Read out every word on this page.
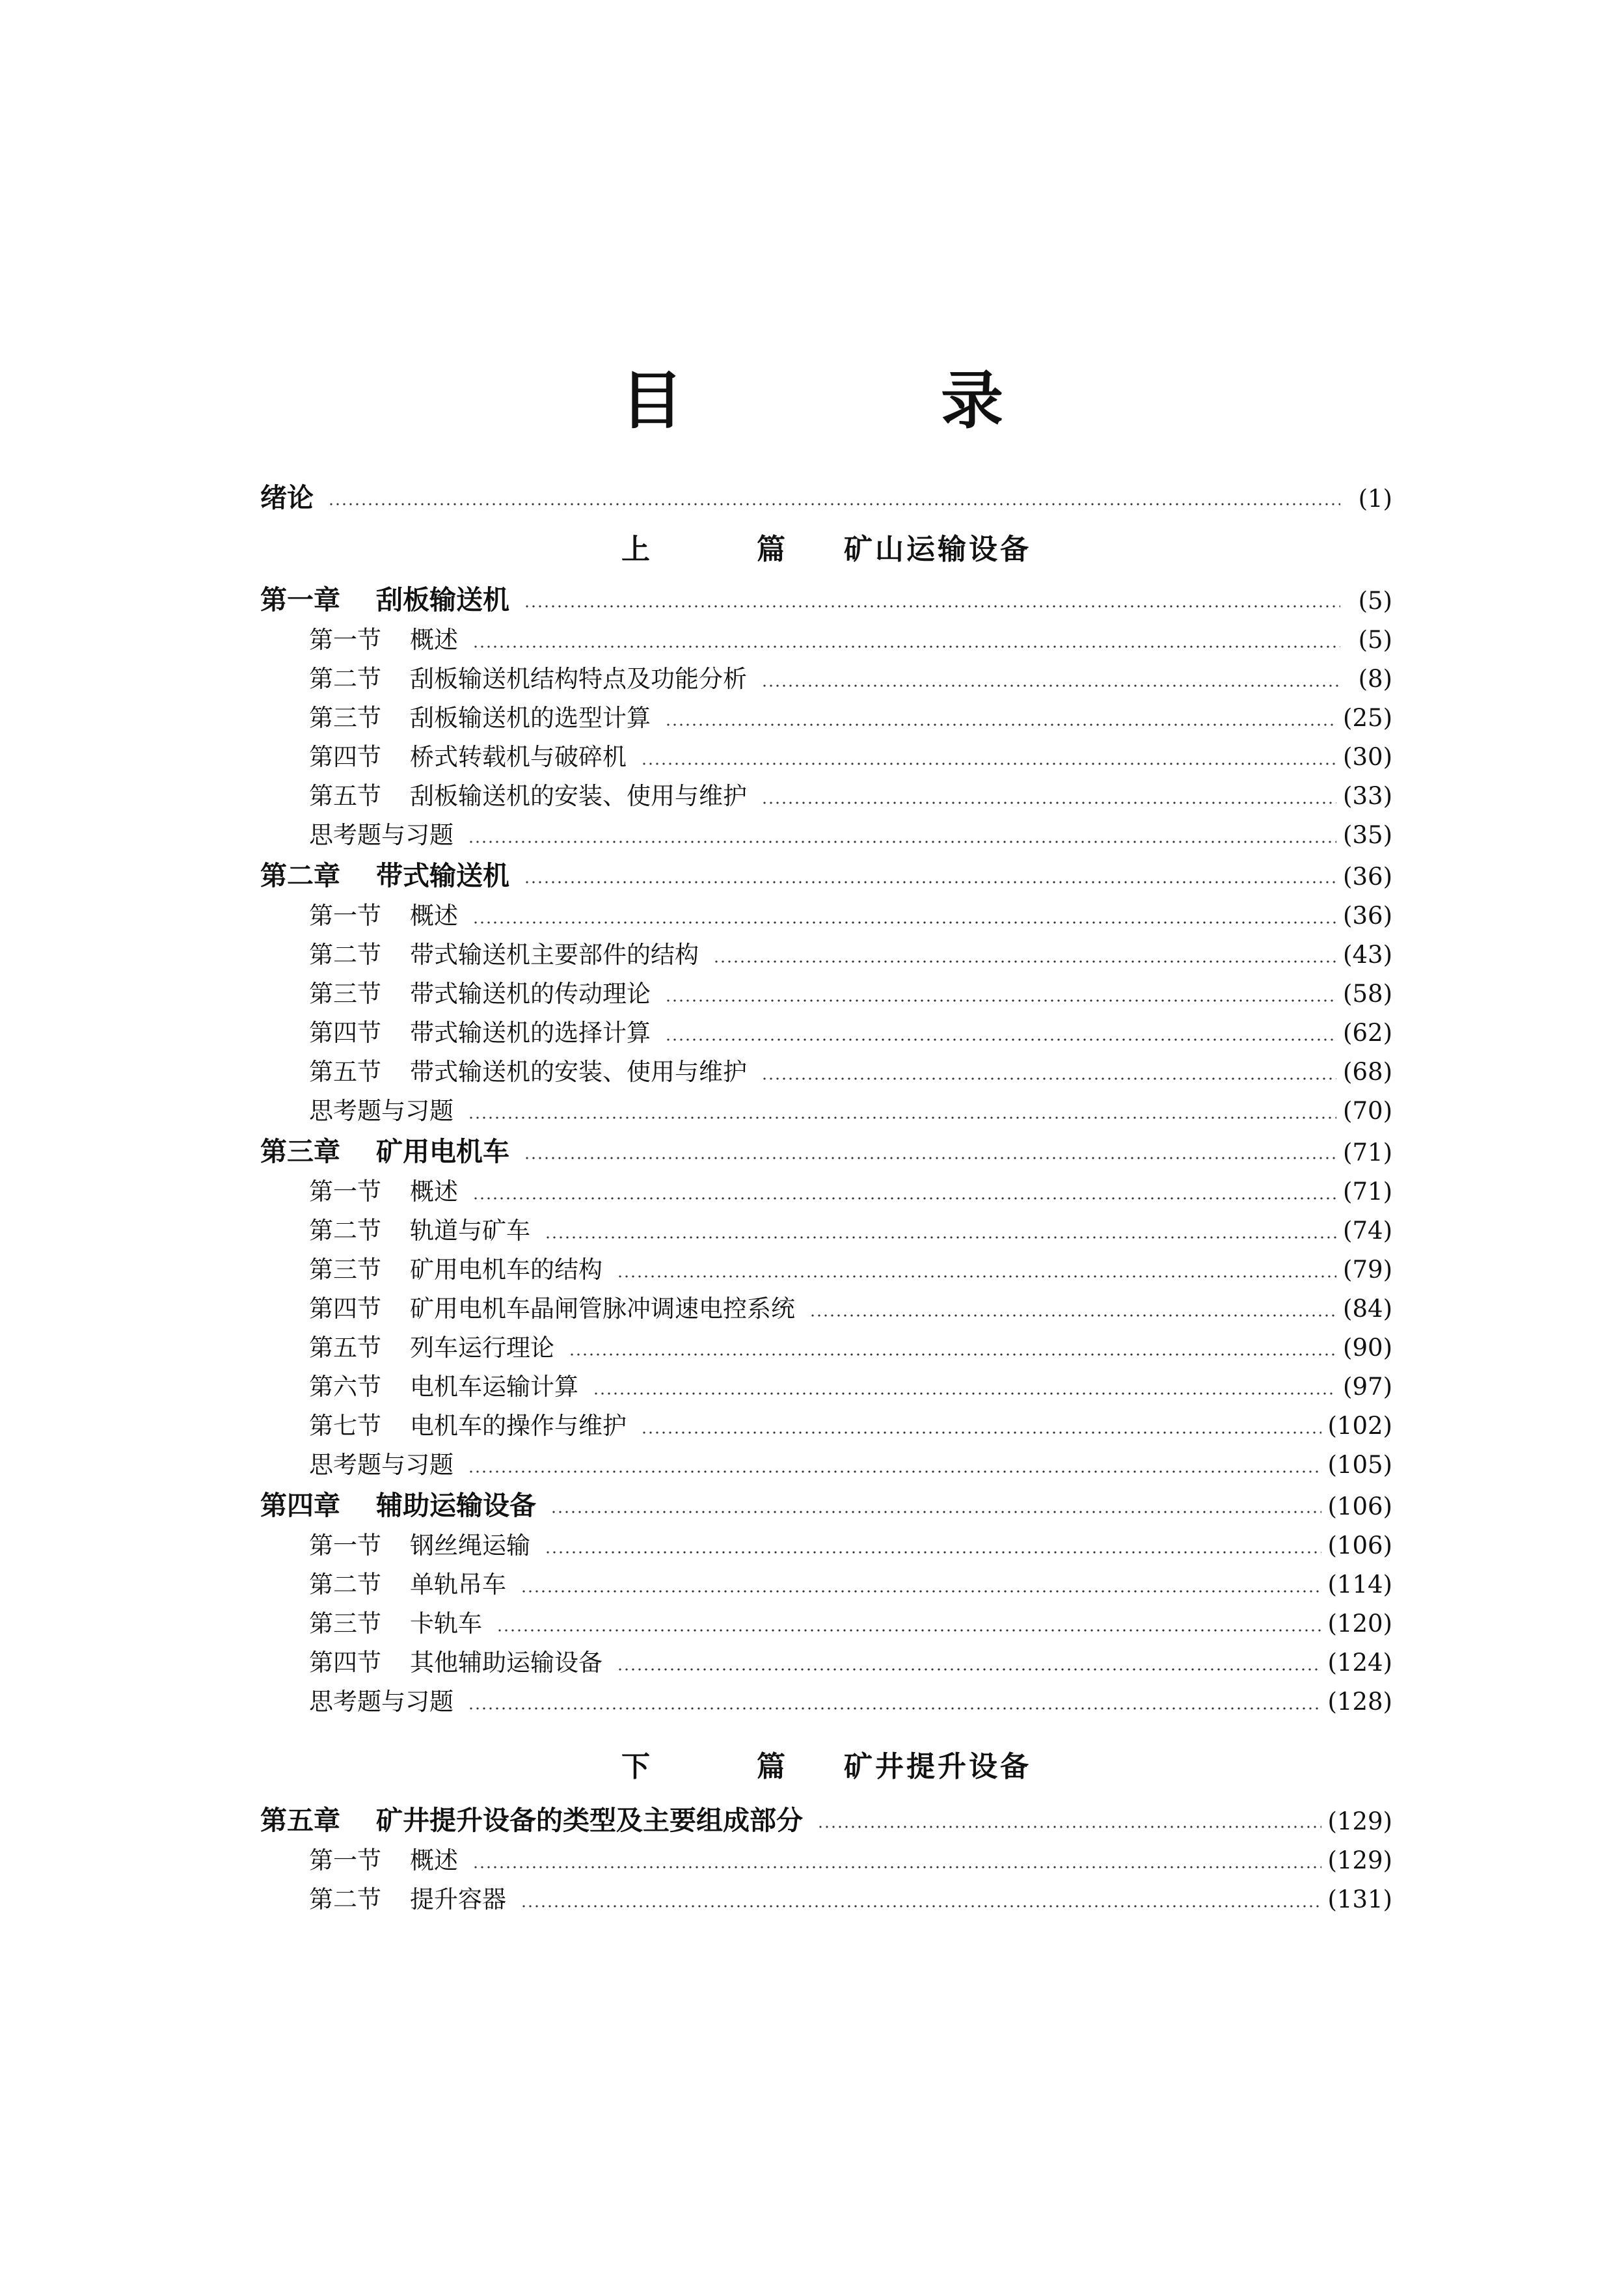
目　录
绪论	(1)
上　篇 矿山运输设备
第一章	刮板输送机	(5)
第一节	概述	(5)
第二节	刮板输送机结构特点及功能分析	(8)
第三节	刮板输送机的选型计算	(25)
第四节	桥式转载机与破碎机	(30)
第五节	刮板输送机的安装、使用与维护	(33)
思考题与习题	(35)
第二章	带式输送机	(36)
第一节	概述	(36)
第二节	带式输送机主要部件的结构	(43)
第三节	带式输送机的传动理论	(58)
第四节	带式输送机的选择计算	(62)
第五节	带式输送机的安装、使用与维护	(68)
思考题与习题	(70)
第三章	矿用电机车	(71)
第一节	概述	(71)
第二节	轨道与矿车	(74)
第三节	矿用电机车的结构	(79)
第四节	矿用电机车晶闸管脉冲调速电控系统	(84)
第五节	列车运行理论	(90)
第六节	电机车运输计算	(97)
第七节	电机车的操作与维护	(102)
思考题与习题	(105)
第四章	辅助运输设备	(106)
第一节	钢丝绳运输	(106)
第二节	单轨吊车	(114)
第三节	卡轨车	(120)
第四节	其他辅助运输设备	(124)
思考题与习题	(128)
下　篇 矿井提升设备
第五章	矿井提升设备的类型及主要组成部分	(129)
第一节	概述	(129)
第二节	提升容器	(131)
